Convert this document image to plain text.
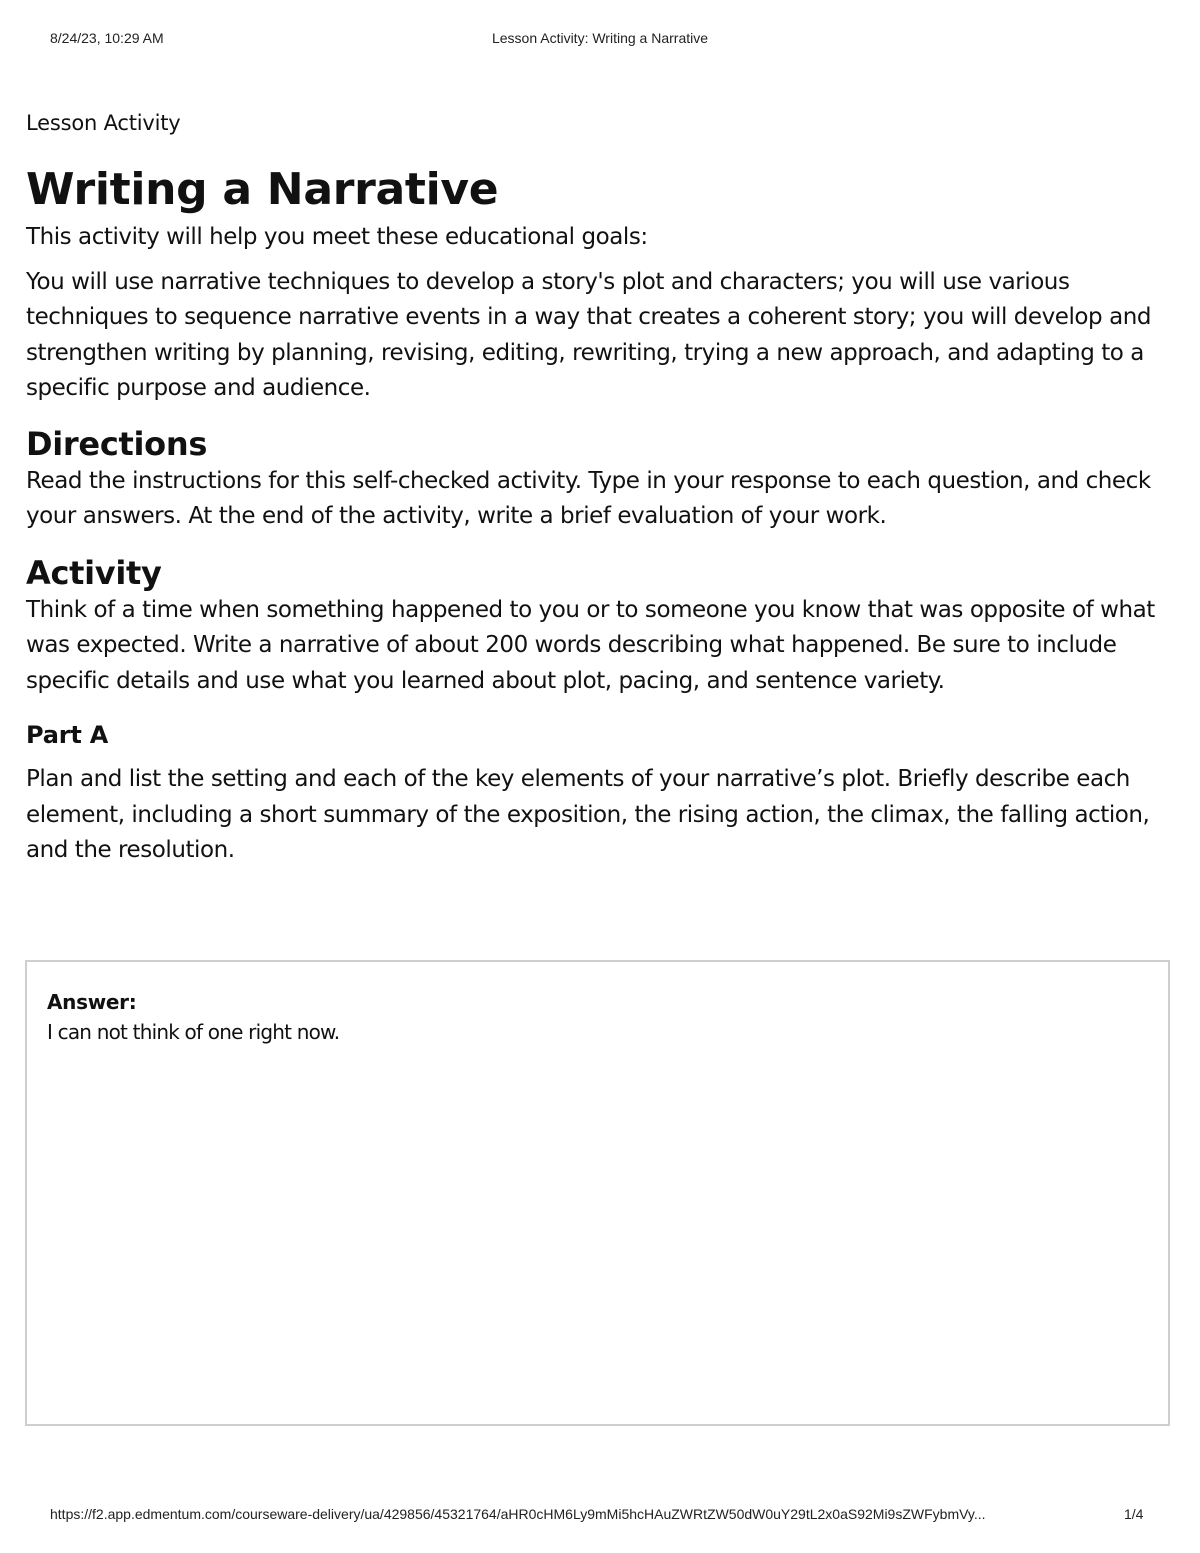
8/24/23, 10:29 AM	Lesson Activity: Writing a Narrative
Lesson Activity
Writing a Narrative

This activity will help you meet these educational goals:

You will use narrative techniques to develop a story's plot and characters; you will use various techniques to sequence narrative events in a way that creates a coherent story; you will develop and strengthen writing by planning, revising, editing, rewriting, trying a new approach, and adapting to a specific purpose and audience.

Directions

Read the instructions for this self-checked activity. Type in your response to each question, and check your answers. At the end of the activity, write a brief evaluation of your work.

Activity

Think of a time when something happened to you or to someone you know that was opposite of what was expected. Write a narrative of about 200 words describing what happened. Be sure to include specific details and use what you learned about plot, pacing, and sentence variety.

Part A

Plan and list the setting and each of the key elements of your narrative’s plot. Briefly describe each element, including a short summary of the exposition, the rising action, the climax, the falling action, and the resolution.

Answer:

I can not think of one right now.

https://f2.app.edmentum.com/courseware-delivery/ua/429856/45321764/aHR0cHM6Ly9mMi5hcHAuZWRtZW50dW0uY29tL2x0aS92Mi9sZWFybmVy...	1/4
